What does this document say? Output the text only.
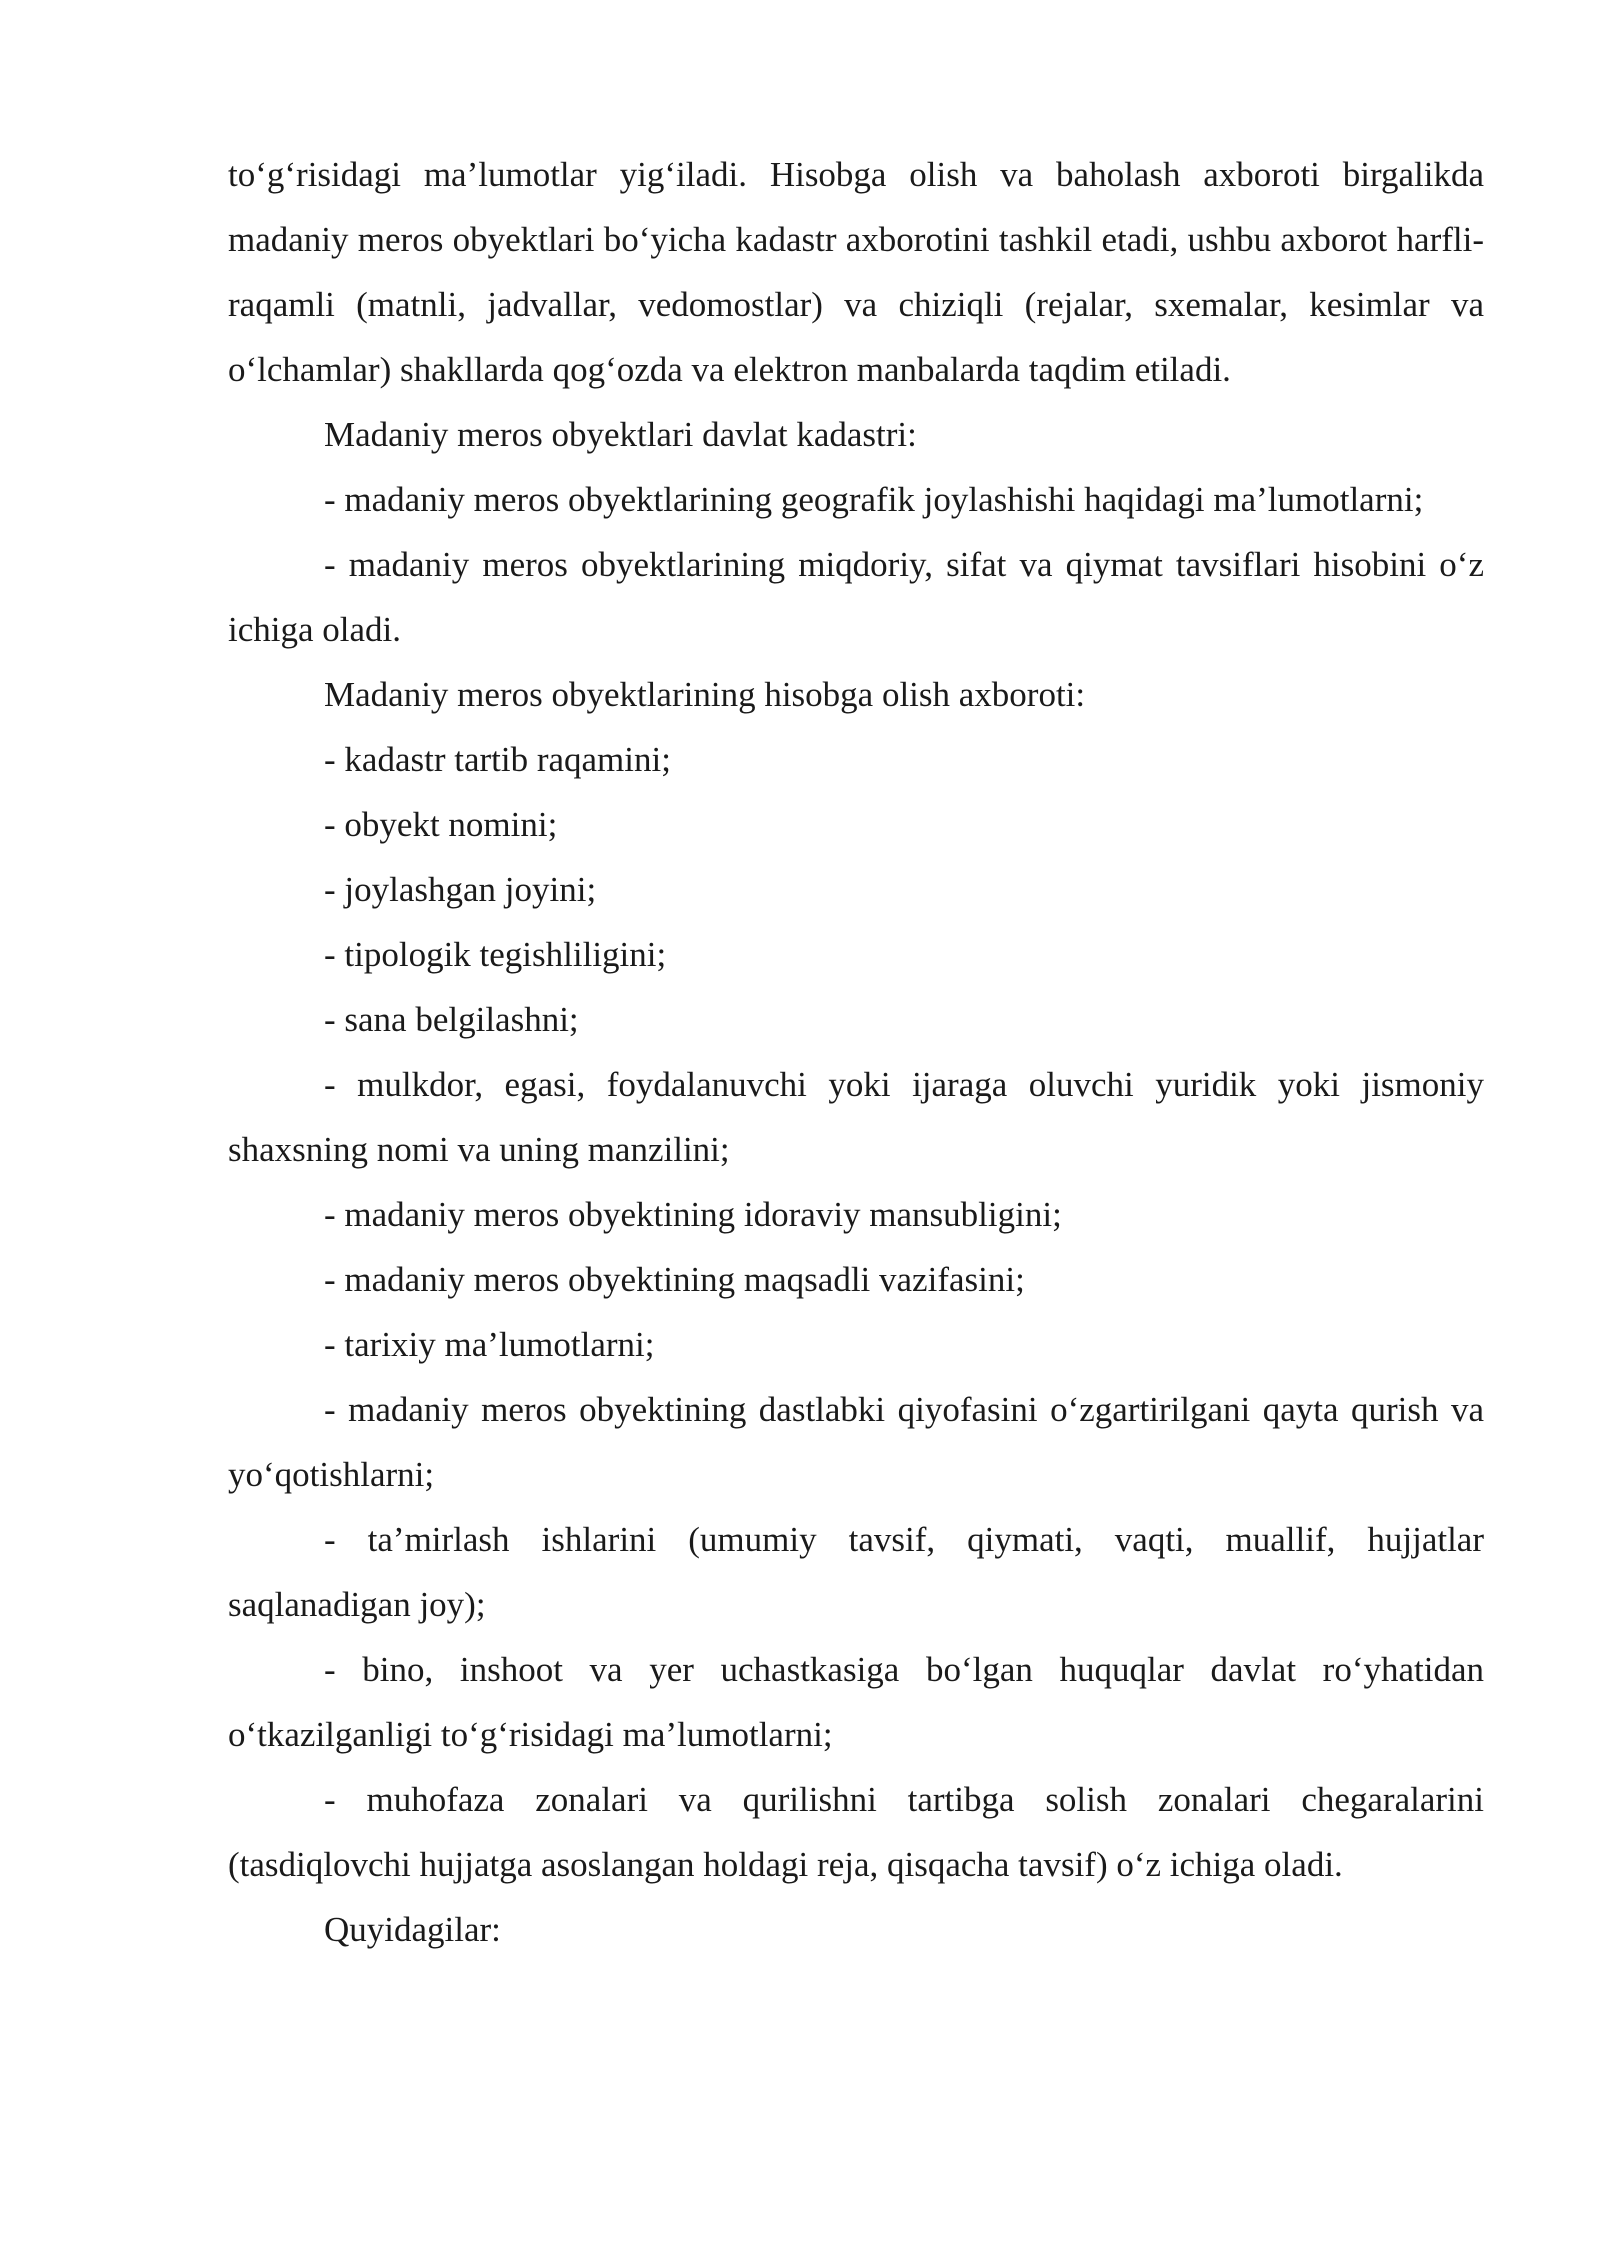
to‘g‘risidagi ma’lumotlar yig‘iladi. Hisobga olish va baholash axboroti birgalikda madaniy meros obyektlari bo‘yicha kadastr axborotini tashkil etadi, ushbu axborot harfli-raqamli (matnli, jadvallar, vedomostlar) va chiziqli (rejalar, sxemalar, kesimlar va o‘lchamlar) shakllarda qog‘ozda va elektron manbalarda taqdim etiladi.

Madaniy meros obyektlari davlat kadastri:

- madaniy meros obyektlarining geografik joylashishi haqidagi ma’lumotlarni;

- madaniy meros obyektlarining miqdoriy, sifat va qiymat tavsiflari hisobini o‘z ichiga oladi.

Madaniy meros obyektlarining hisobga olish axboroti:

- kadastr tartib raqamini;

- obyekt nomini;

- joylashgan joyini;

- tipologik tegishliligini;

- sana belgilashni;

- mulkdor, egasi, foydalanuvchi yoki ijaraga oluvchi yuridik yoki jismoniy shaxsning nomi va uning manzilini;

- madaniy meros obyektining idoraviy mansubligini;

- madaniy meros obyektining maqsadli vazifasini;

- tarixiy ma’lumotlarni;

- madaniy meros obyektining dastlabki qiyofasini o‘zgartirilgani qayta qurish va yo‘qotishlarni;

- ta’mirlash ishlarini (umumiy tavsif, qiymati, vaqti, muallif, hujjatlar saqlanadigan joy);

- bino, inshoot va yer uchastkasiga bo‘lgan huquqlar davlat ro‘yhatidan o‘tkazilganligi to‘g‘risidagi ma’lumotlarni;

- muhofaza zonalari va qurilishni tartibga solish zonalari chegaralarini (tasdiqlovchi hujjatga asoslangan holdagi reja, qisqacha tavsif) o‘z ichiga oladi.

Quyidagilar:
